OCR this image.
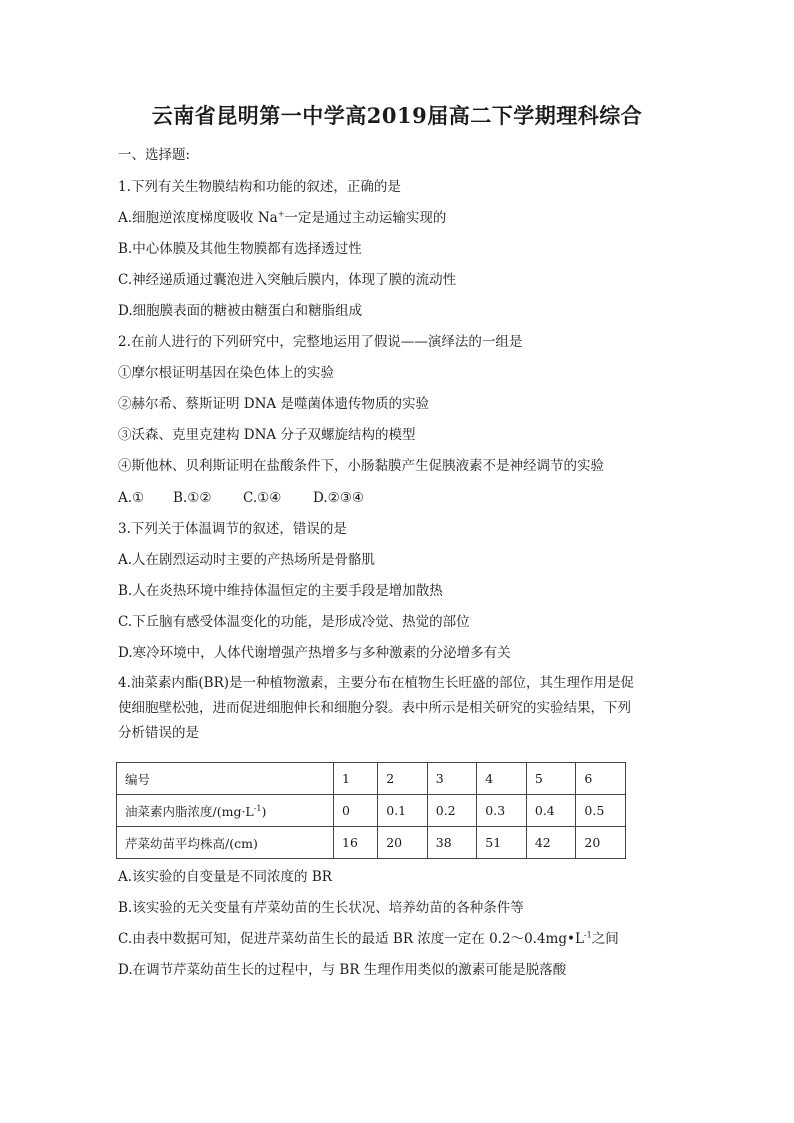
云南省昆明第一中学高2019届高二下学期理科综合
一、选择题:
1.下列有关生物膜结构和功能的叙述，正确的是
A.细胞逆浓度梯度吸收 Na+一定是通过主动运输实现的
B.中心体膜及其他生物膜都有选择透过性
C.神经递质通过囊泡进入突触后膜内，体现了膜的流动性
D.细胞膜表面的糖被由糖蛋白和糖脂组成
2.在前人进行的下列研究中，完整地运用了假说——演绎法的一组是
①摩尔根证明基因在染色体上的实验
②赫尔希、蔡斯证明 DNA 是噬菌体遗传物质的实验
③沃森、克里克建构 DNA 分子双螺旋结构的模型
④斯他林、贝利斯证明在盐酸条件下，小肠黏膜产生促胰液素不是神经调节的实验
A.① B.①② C.①④ D.②③④
3.下列关于体温调节的叙述，错误的是
A.人在剧烈运动时主要的产热场所是骨骼肌
B.人在炎热环境中维持体温恒定的主要手段是增加散热
C.下丘脑有感受体温变化的功能，是形成冷觉、热觉的部位
D.寒冷环境中，人体代谢增强产热增多与多种激素的分泌增多有关
4.油菜素内酯(BR)是一种植物激素，主要分布在植物生长旺盛的部位，其生理作用是促使细胞壁松弛，进而促进细胞伸长和细胞分裂。表中所示是相关研究的实验结果，下列分析错误的是
编号	1	2	3	4	5	6
油菜素内脂浓度$/(mg\cdot L^{-1})$	0	0.1	0.2	0.3	0.4	0.5
芹菜幼苗平均株高/(cm)	16	20	38	51	42	20
A.该实验的自变量是不同浓度的 BR
B.该实验的无关变量有芹菜幼苗的生长状况、培养幼苗的各种条件等
C.由表中数据可知，促进芹菜幼苗生长的最适 BR 浓度一定在 $0.2\sim 0.4mg•L^{-1}$之间
D.在调节芹菜幼苗生长的过程中，与 BR 生理作用类似的激素可能是脱落酸
